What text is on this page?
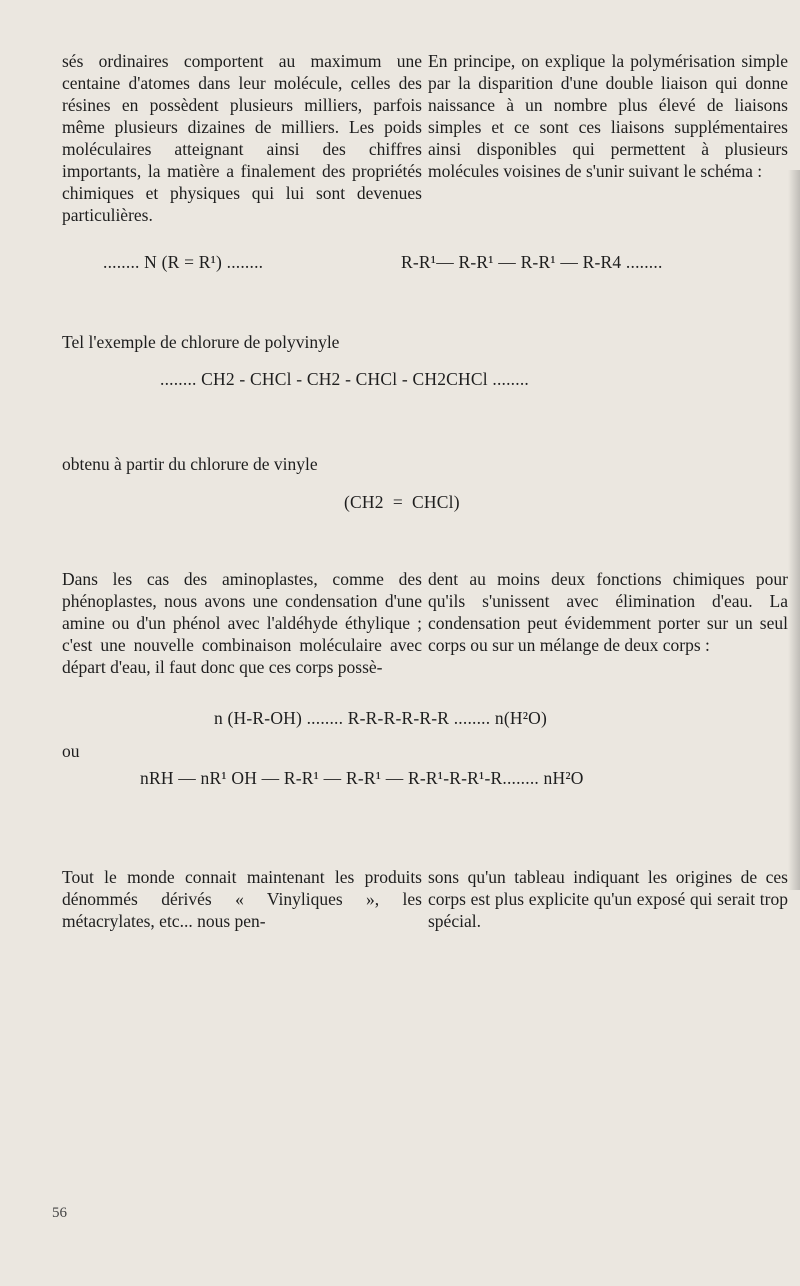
sés ordinaires comportent au maximum une centaine d'atomes dans leur molécule, celles des résines en possèdent plusieurs milliers, parfois même plusieurs dizaines de milliers. Les poids moléculaires atteignant ainsi des chiffres importants, la matière a finalement des propriétés chimiques et physiques qui lui sont devenues particulières.
En principe, on explique la polymérisation simple par la disparition d'une double liaison qui donne naissance à un nombre plus élevé de liaisons simples et ce sont ces liaisons supplémentaires ainsi disponibles qui permettent à plusieurs molécules voisines de s'unir suivant le schéma :
........ N (R = R¹) ........	R-R¹— R-R¹ — R-R¹ — R-R4 ........
Tel l'exemple de chlorure de polyvinyle
........ CH2 - CHCl - CH2 - CHCl - CH2CHCl ........
obtenu à partir du chlorure de vinyle
(CH2  =  CHCl)
Dans les cas des aminoplastes, comme des phénoplastes, nous avons une condensation d'une amine ou d'un phénol avec l'aldéhyde éthylique ; c'est une nouvelle combinaison moléculaire avec départ d'eau, il faut donc que ces corps possè-
dent au moins deux fonctions chimiques pour qu'ils s'unissent avec élimination d'eau. La condensation peut évidemment porter sur un seul corps ou sur un mélange de deux corps :
n (H-R-OH) ........ R-R-R-R-R-R ........ n(H²O)
ou
nRH — nR¹ OH — R-R¹ — R-R¹ — R-R¹-R-R¹-R........ nH²O
Tout le monde connait maintenant les produits dénommés dérivés « Vinyliques », les métacrylates, etc... nous pen-
sons qu'un tableau indiquant les origines de ces corps est plus explicite qu'un exposé qui serait trop spécial.
56
